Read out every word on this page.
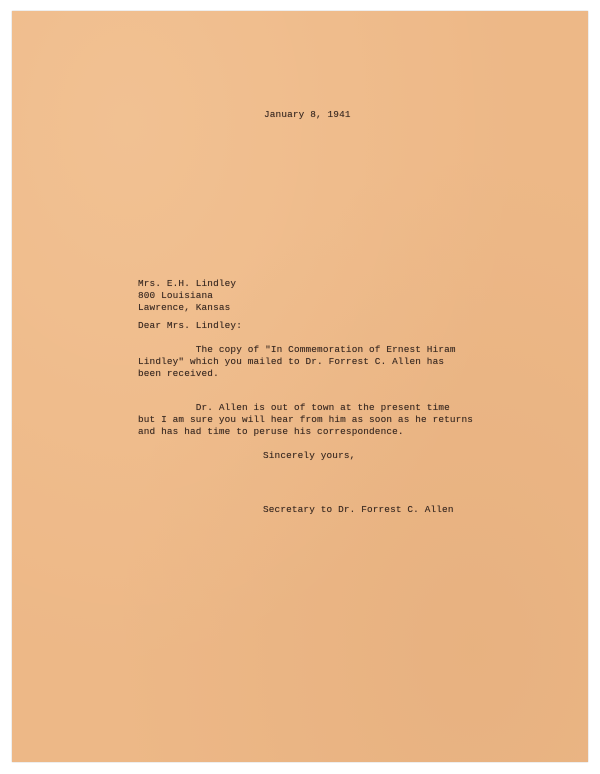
January 8, 1941

Mrs. E.H. Lindley
800 Louisiana
Lawrence, Kansas

Dear Mrs. Lindley:

The copy of "In Commemoration of Ernest Hiram
Lindley" which you mailed to Dr. Forrest C. Allen has
been received.
Dr. Allen is out of town at the present time
but I am sure you will hear from him as soon as he returns
and has had time to peruse his correspondence.

Sincerely yours,

Secretary to Dr. Forrest C. Allen
